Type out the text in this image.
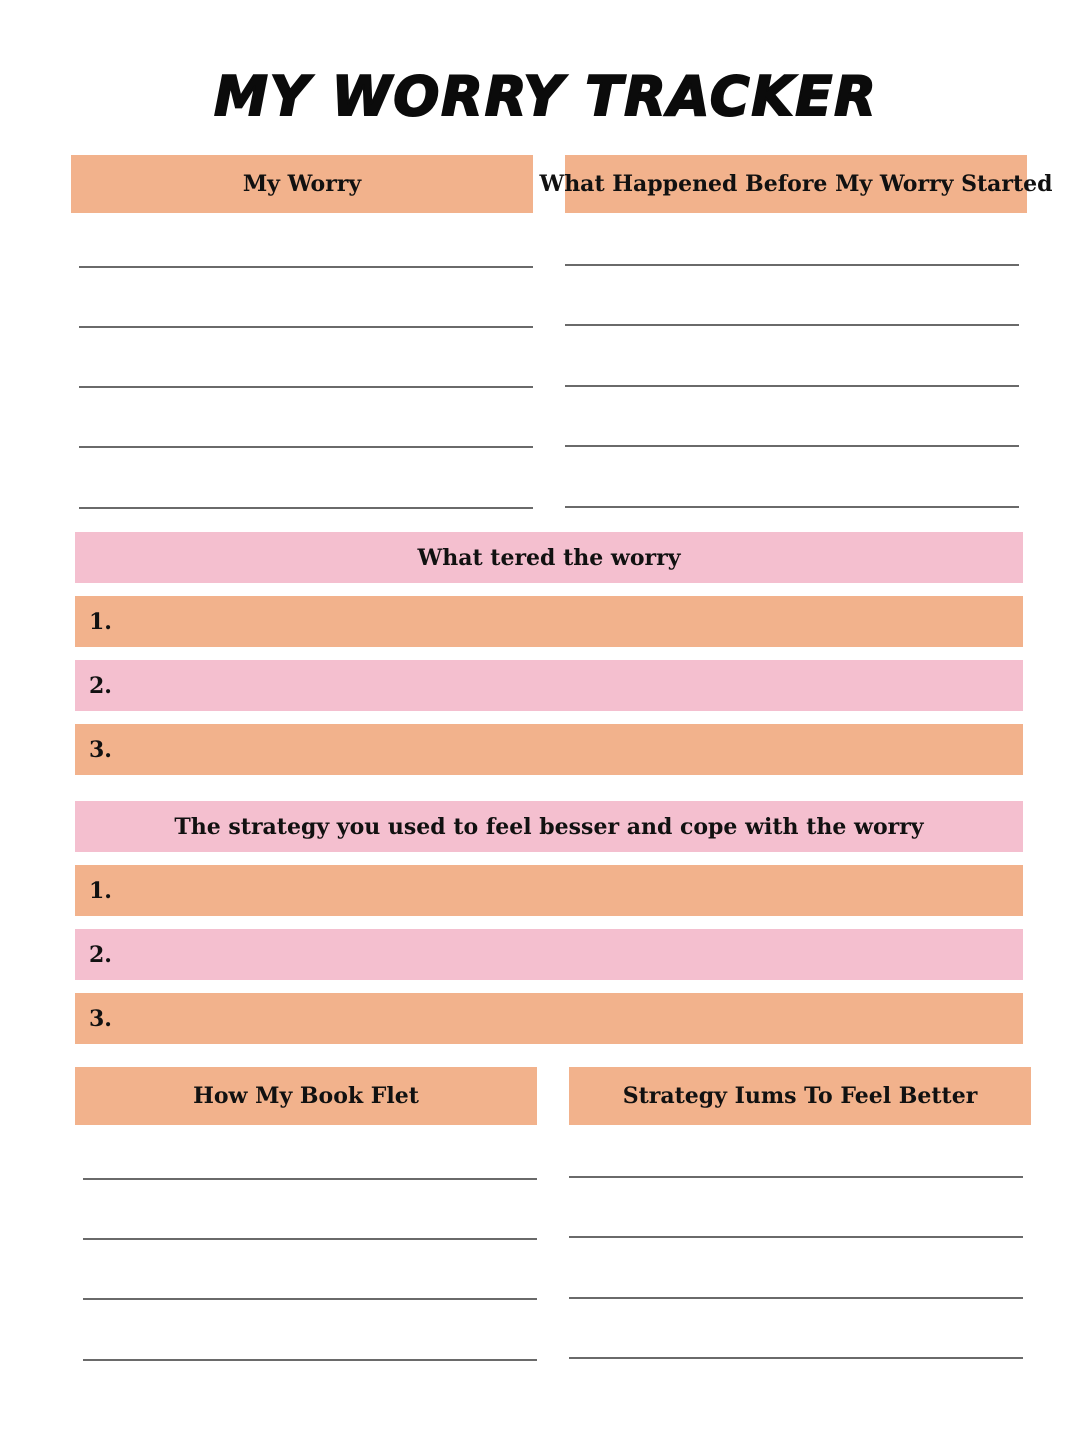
MY WORRY TRACKER
My Worry	What Happened Before My Worry Started
What tered the worry
1.
2.
3.
The strategy you used to feel besser and cope with the worry
1.
2.
3.
How My Book Flet	Strategy Iums To Feel Better
